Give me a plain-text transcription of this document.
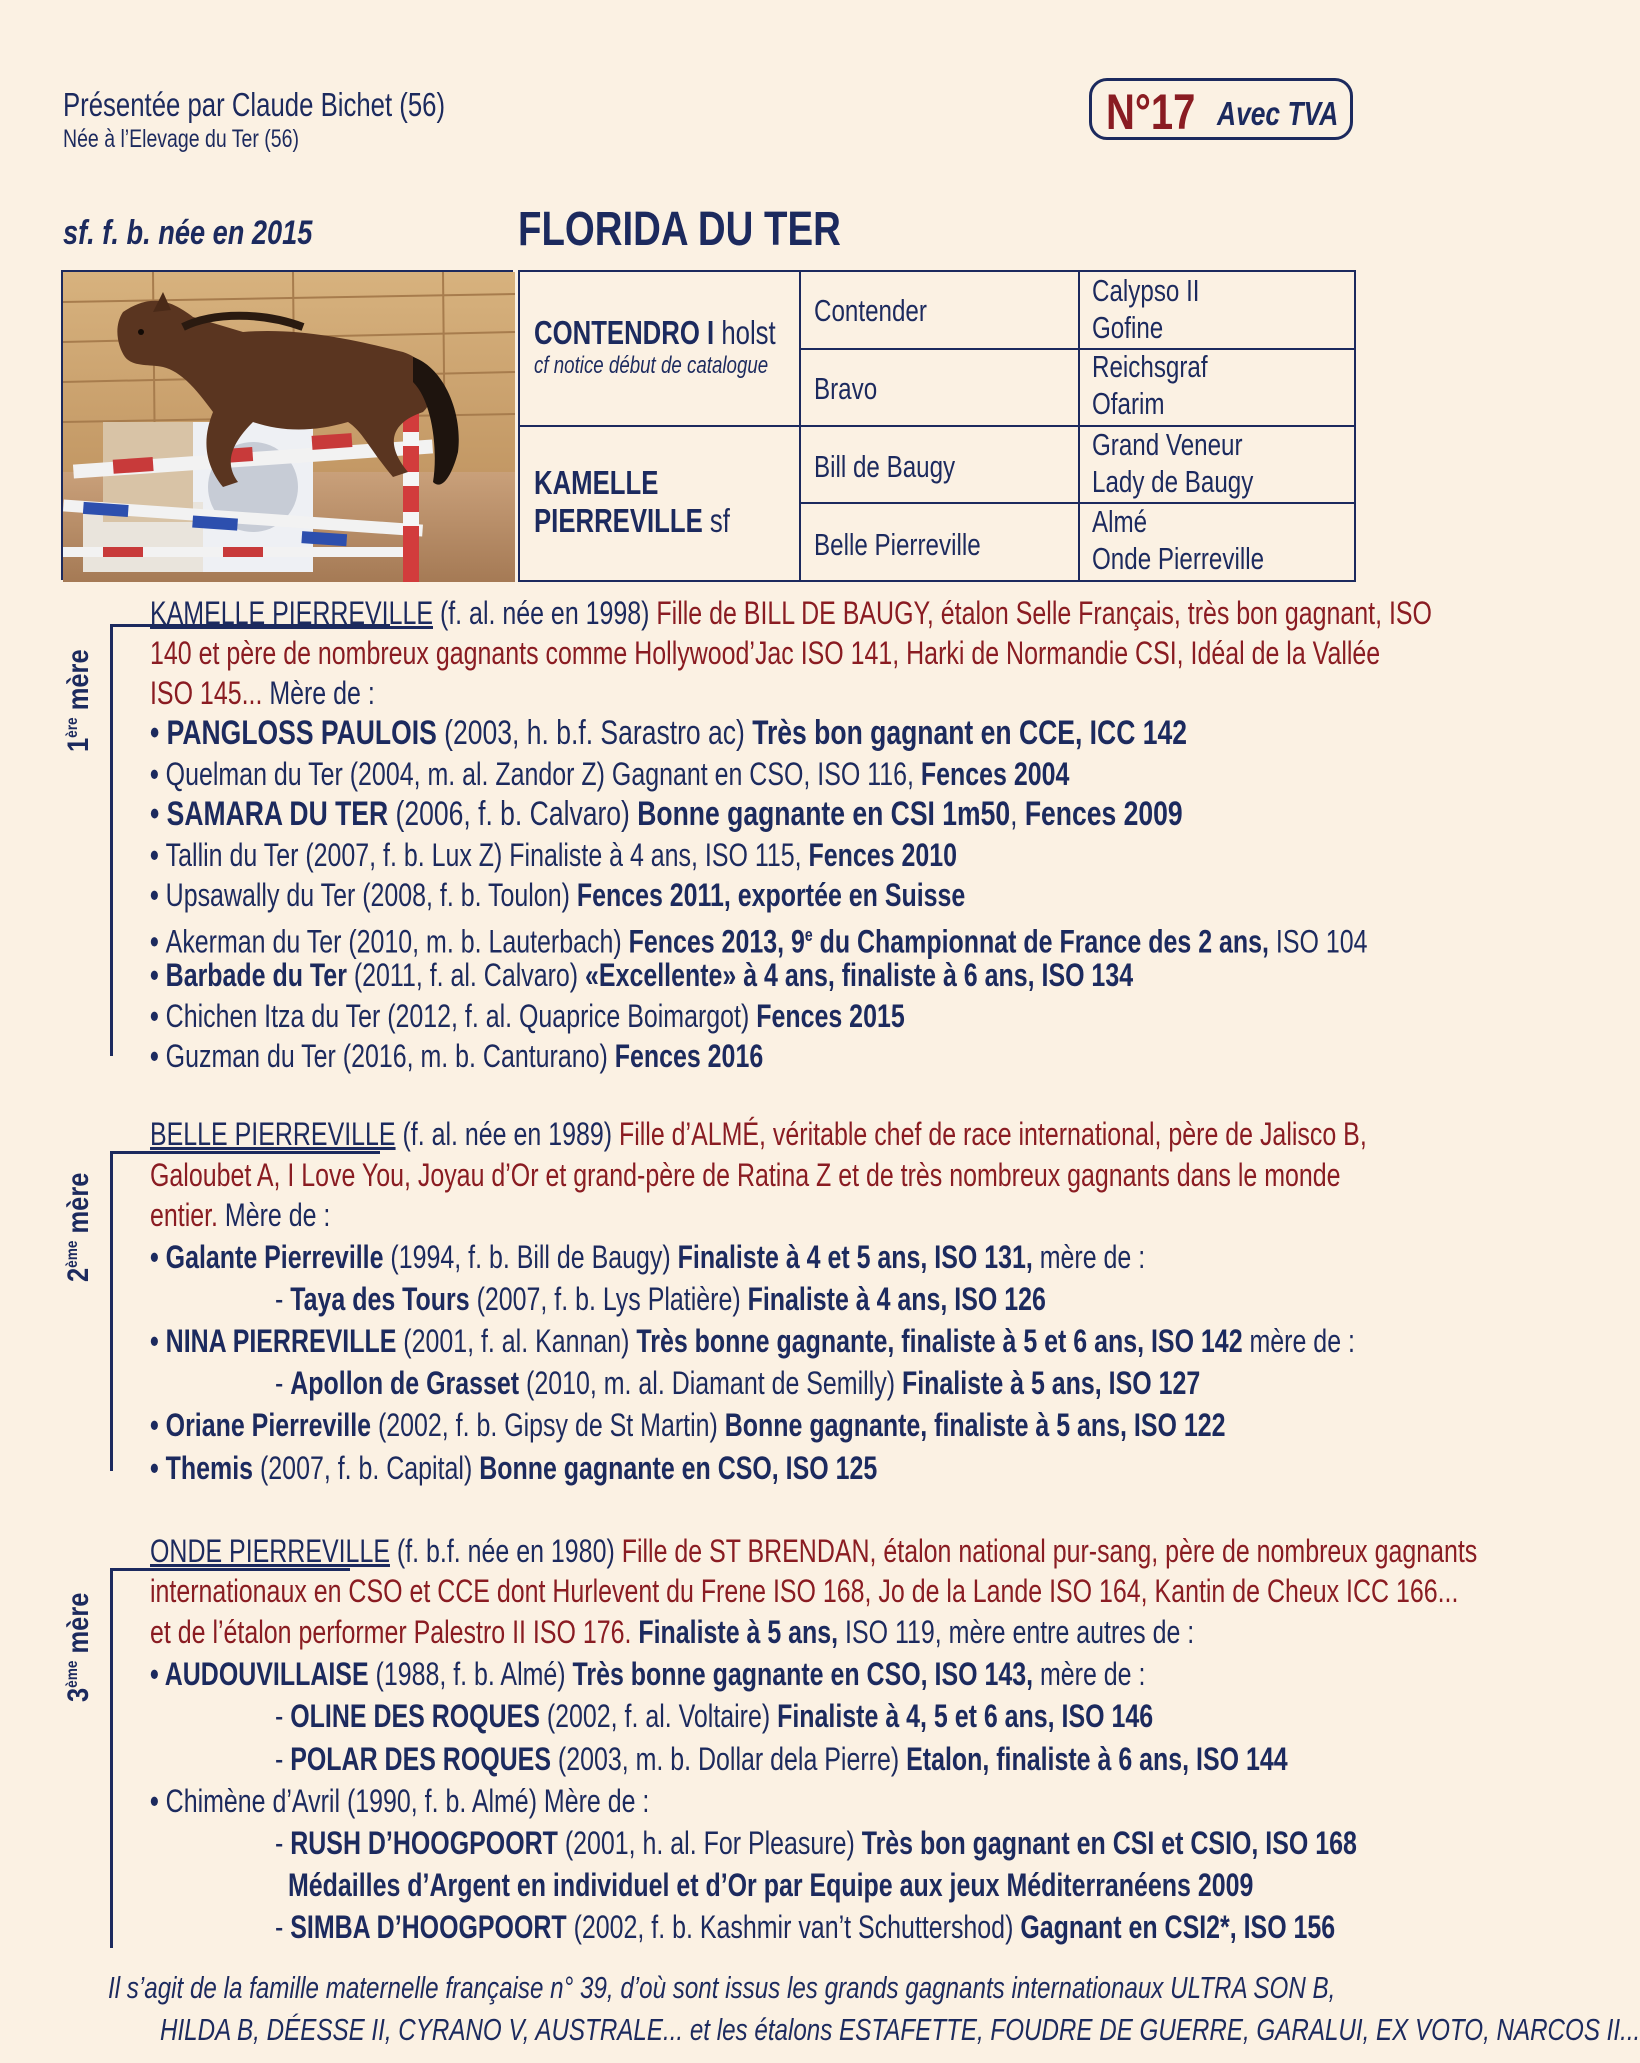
Présentée par Claude Bichet (56)
Née à l’Elevage du Ter (56)	N°17 Avec TVA
sf. f. b. née en 2015	FLORIDA DU TER
CONTENDRO I holst
cf notice début de catalogue
KAMELLE
PIERREVILLE sf
Contender
Bravo
Bill de Baugy
Belle Pierreville
Calypso II
Gofine
Reichsgraf
Ofarim
Grand Veneur
Lady de Baugy
Almé
Onde Pierreville
1ère mère
KAMELLE PIERREVILLE (f. al. née en 1998) Fille de BILL DE BAUGY, étalon Selle Français, très bon gagnant, ISO
140 et père de nombreux gagnants comme Hollywood’Jac ISO 141, Harki de Normandie CSI, Idéal de la Vallée
ISO 145... Mère de :
• PANGLOSS PAULOIS (2003, h. b.f. Sarastro ac) Très bon gagnant en CCE, ICC 142
• Quelman du Ter (2004, m. al. Zandor Z) Gagnant en CSO, ISO 116, Fences 2004
• SAMARA DU TER (2006, f. b. Calvaro) Bonne gagnante en CSI 1m50, Fences 2009
• Tallin du Ter (2007, f. b. Lux Z) Finaliste à 4 ans, ISO 115, Fences 2010
• Upsawally du Ter (2008, f. b. Toulon) Fences 2011, exportée en Suisse
• Akerman du Ter (2010, m. b. Lauterbach) Fences 2013, 9e du Championnat de France des 2 ans, ISO 104
• Barbade du Ter (2011, f. al. Calvaro) «Excellente» à 4 ans, finaliste à 6 ans, ISO 134
• Chichen Itza du Ter (2012, f. al. Quaprice Boimargot) Fences 2015
• Guzman du Ter (2016, m. b. Canturano) Fences 2016
2ème mère
BELLE PIERREVILLE (f. al. née en 1989) Fille d’ALMÉ, véritable chef de race international, père de Jalisco B,
Galoubet A, I Love You, Joyau d’Or et grand-père de Ratina Z et de très nombreux gagnants dans le monde
entier. Mère de :
• Galante Pierreville (1994, f. b. Bill de Baugy) Finaliste à 4 et 5 ans, ISO 131, mère de :
- Taya des Tours (2007, f. b. Lys Platière) Finaliste à 4 ans, ISO 126
• NINA PIERREVILLE (2001, f. al. Kannan) Très bonne gagnante, finaliste à 5 et 6 ans, ISO 142 mère de :
- Apollon de Grasset (2010, m. al. Diamant de Semilly) Finaliste à 5 ans, ISO 127
• Oriane Pierreville (2002, f. b. Gipsy de St Martin) Bonne gagnante, finaliste à 5 ans, ISO 122
• Themis (2007, f. b. Capital) Bonne gagnante en CSO, ISO 125
3ème mère
ONDE PIERREVILLE (f. b.f. née en 1980) Fille de ST BRENDAN, étalon national pur-sang, père de nombreux gagnants
internationaux en CSO et CCE dont Hurlevent du Frene ISO 168, Jo de la Lande ISO 164, Kantin de Cheux ICC 166...
et de l’étalon performer Palestro II ISO 176. Finaliste à 5 ans, ISO 119, mère entre autres de :
• AUDOUVILLAISE (1988, f. b. Almé) Très bonne gagnante en CSO, ISO 143, mère de :
- OLINE DES ROQUES (2002, f. al. Voltaire) Finaliste à 4, 5 et 6 ans, ISO 146
- POLAR DES ROQUES (2003, m. b. Dollar dela Pierre) Etalon, finaliste à 6 ans, ISO 144
• Chimène d’Avril (1990, f. b. Almé) Mère de :
- RUSH D’HOOGPOORT (2001, h. al. For Pleasure) Très bon gagnant en CSI et CSIO, ISO 168
Médailles d’Argent en individuel et d’Or par Equipe aux jeux Méditerranéens 2009
- SIMBA D’HOOGPOORT (2002, f. b. Kashmir van’t Schuttershod) Gagnant en CSI2*, ISO 156
Il s’agit de la famille maternelle française n° 39, d’où sont issus les grands gagnants internationaux ULTRA SON B,
HILDA B, DÉESSE II, CYRANO V, AUSTRALE... et les étalons ESTAFETTE, FOUDRE DE GUERRE, GARALUI, EX VOTO, NARCOS II...
